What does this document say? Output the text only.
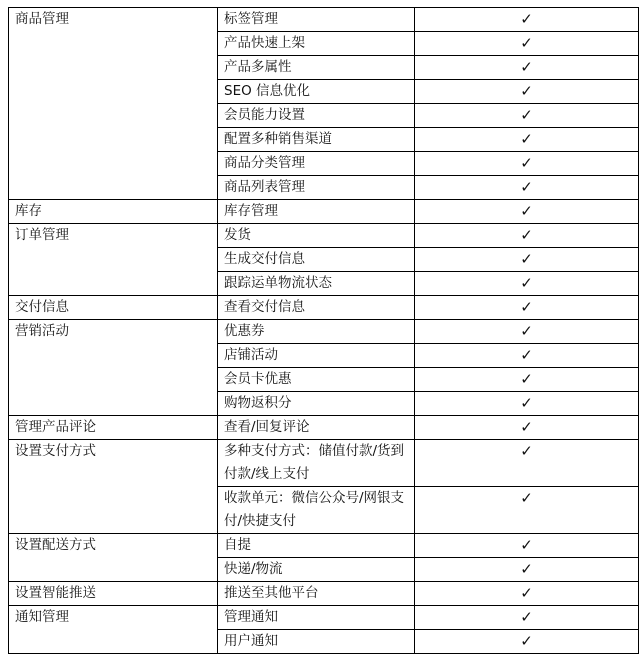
商品管理	标签管理	✓
	产品快速上架	✓
	产品多属性	✓
	SEO 信息优化	✓
	会员能力设置	✓
	配置多种销售渠道	✓
	商品分类管理	✓
	商品列表管理	✓
库存	库存管理	✓
订单管理	发货	✓
	生成交付信息	✓
	跟踪运单物流状态	✓
交付信息	查看交付信息	✓
营销活动	优惠券	✓
	店铺活动	✓
	会员卡优惠	✓
	购物返积分	✓
管理产品评论	查看/回复评论	✓
设置支付方式	多种支付方式：储值付款/货到付款/线上支付	✓
	收款单元：微信公众号/网银支付/快捷支付	✓
设置配送方式	自提	✓
	快递/物流	✓
设置智能推送	推送至其他平台	✓
通知管理	管理通知	✓
	用户通知	✓
